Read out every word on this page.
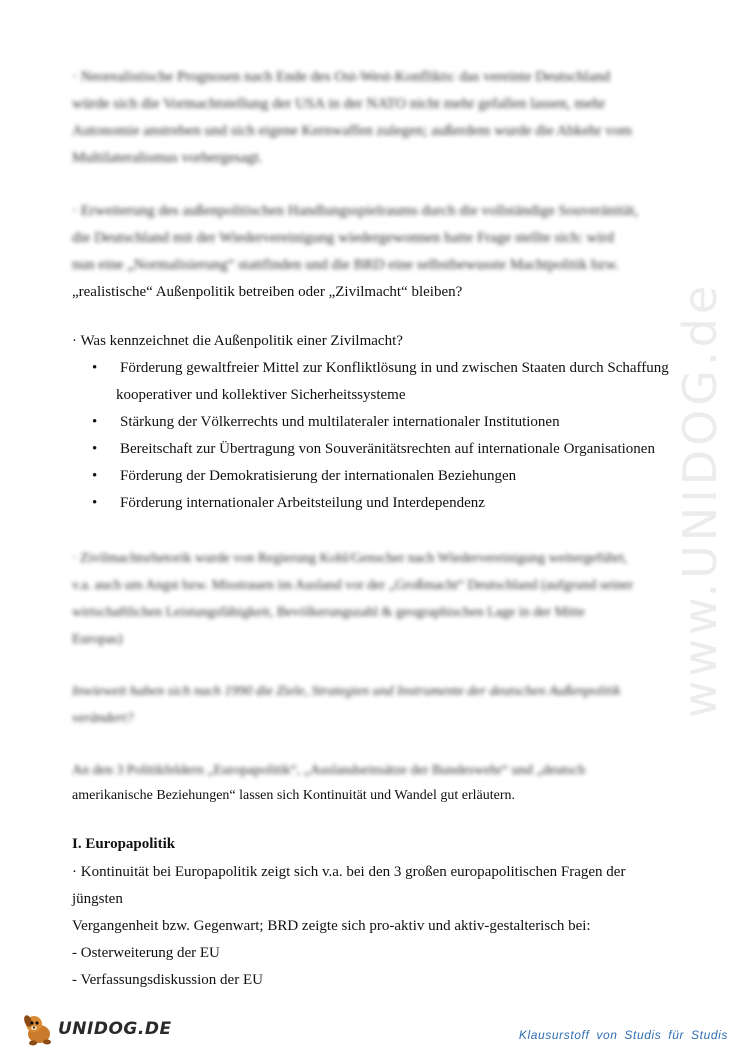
www.UNIDOG.de
· Neorealistische Prognosen nach Ende des Ost-West-Konflikts: das vereinte Deutschland
würde sich die Vormachtstellung der USA in der NATO nicht mehr gefallen lassen, mehr
Autonomie anstreben und sich eigene Kernwaffen zulegen; außerdem wurde die Abkehr vom
Multilateralismus vorhergesagt.
· Erweiterung des außenpolitischen Handlungsspielraums durch die vollständige Souveränität,
die Deutschland mit der Wiedervereinigung wiedergewonnen hatte Frage stellte sich: wird
nun eine „Normalisierung“ stattfinden und die BRD eine selbstbewusste Machtpolitik bzw.
„realistische“ Außenpolitik betreiben oder „Zivilmacht“ bleiben?
· Was kennzeichnet die Außenpolitik einer Zivilmacht?
• Förderung gewaltfreier Mittel zur Konfliktlösung in und zwischen Staaten durch Schaffung
kooperativer und kollektiver Sicherheitssysteme
• Stärkung der Völkerrechts und multilateraler internationaler Institutionen
• Bereitschaft zur Übertragung von Souveränitätsrechten auf internationale Organisationen
• Förderung der Demokratisierung der internationalen Beziehungen
• Förderung internationaler Arbeitsteilung und Interdependenz
· Zivilmachtsrhetorik wurde von Regierung Kohl/Genscher nach Wiedervereinigung weitergeführt,
v.a. auch um Angst bzw. Misstrauen im Ausland vor der „Großmacht“ Deutschland (aufgrund seiner
wirtschaftlichen Leistungsfähigkeit, Bevölkerungszahl & geographischen Lage in der Mitte
Europas)
Inwieweit haben sich nach 1990 die Ziele, Strategien und Instrumente der deutschen Außenpolitik
verändert?
An den 3 Politikfeldern „Europapolitik“, „Auslandseinsätze der Bundeswehr“ und „deutsch
amerikanische Beziehungen“ lassen sich Kontinuität und Wandel gut erläutern.
I. Europapolitik
· Kontinuität bei Europapolitik zeigt sich v.a. bei den 3 großen europapolitischen Fragen der
jüngsten
Vergangenheit bzw. Gegenwart; BRD zeigte sich pro-aktiv und aktiv-gestalterisch bei:
- Osterweiterung der EU
- Verfassungsdiskussion der EU
UNIDOG.DE	Klausurstoff von Studis für Studis
